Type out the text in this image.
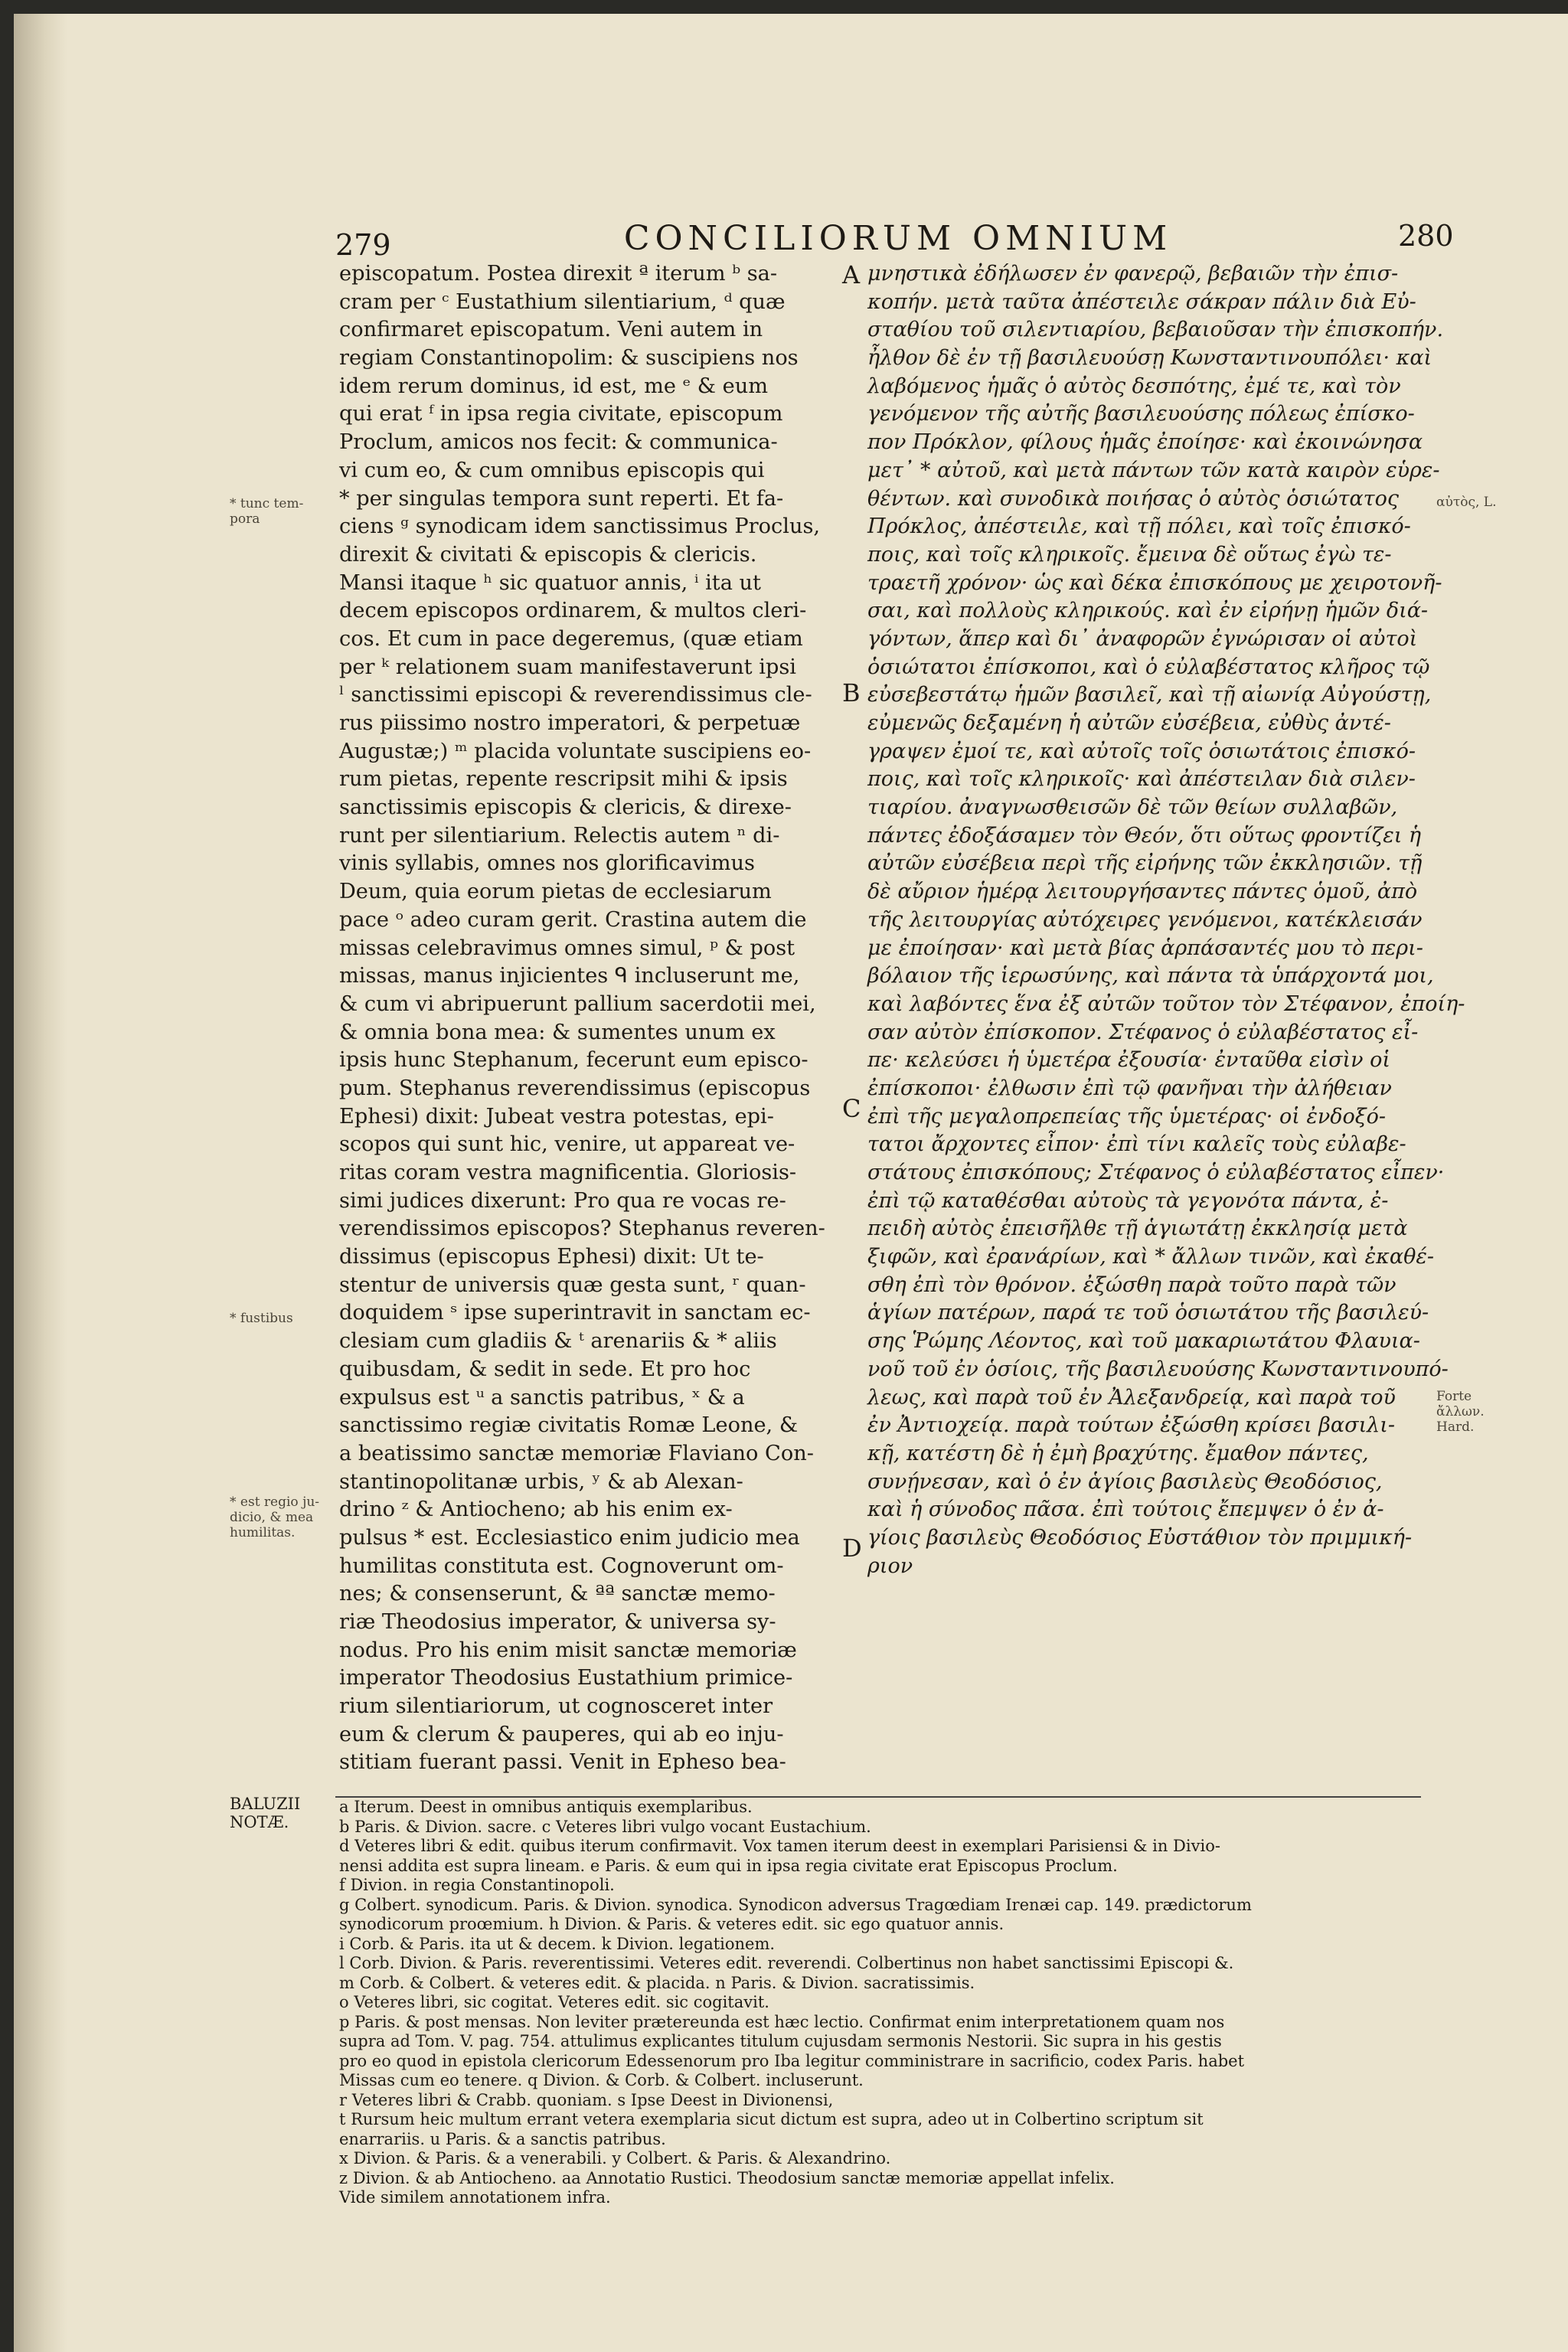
279	CONCILIORUM OMNIUM	280
episcopatum. Postea direxit ª iterum ᵇ sa-
cram per ᶜ Eustathium silentiarium, ᵈ quæ
confirmaret episcopatum. Veni autem in
regiam Constantinopolim: & suscipiens nos
idem rerum dominus, id est, me ᵉ & eum
qui erat ᶠ in ipsa regia civitate, episcopum
Proclum, amicos nos fecit: & communica-
vi cum eo, & cum omnibus episcopis qui
* per singulas tempora sunt reperti. Et fa-
ciens ᵍ synodicam idem sanctissimus Proclus,
direxit & civitati & episcopis & clericis.
Mansi itaque ʰ sic quatuor annis, ⁱ ita ut
decem episcopos ordinarem, & multos cleri-
cos. Et cum in pace degeremus, (quæ etiam
per ᵏ relationem suam manifestaverunt ipsi
ˡ sanctissimi episcopi & reverendissimus cle-
rus piissimo nostro imperatori, & perpetuæ
Augustæ;) ᵐ placida voluntate suscipiens eo-
rum pietas, repente rescripsit mihi & ipsis
sanctissimis episcopis & clericis, & direxe-
runt per silentiarium. Relectis autem ⁿ di-
vinis syllabis, omnes nos glorificavimus
Deum, quia eorum pietas de ecclesiarum
pace ᵒ adeo curam gerit. Crastina autem die
missas celebravimus omnes simul, ᵖ & post
missas, manus injicientes ᑫ incluserunt me,
& cum vi abripuerunt pallium sacerdotii mei,
& omnia bona mea: & sumentes unum ex
ipsis hunc Stephanum, fecerunt eum episco-
pum. Stephanus reverendissimus (episcopus
Ephesi) dixit: Jubeat vestra potestas, epi-
scopos qui sunt hic, venire, ut appareat ve-
ritas coram vestra magnificentia. Gloriosis-
simi judices dixerunt: Pro qua re vocas re-
verendissimos episcopos? Stephanus reveren-
dissimus (episcopus Ephesi) dixit: Ut te-
stentur de universis quæ gesta sunt, ʳ quan-
doquidem ˢ ipse superintravit in sanctam ec-
clesiam cum gladiis & ᵗ arenariis & * aliis
quibusdam, & sedit in sede. Et pro hoc
expulsus est ᵘ a sanctis patribus, ˣ & a
sanctissimo regiæ civitatis Romæ Leone, &
a beatissimo sanctæ memoriæ Flaviano Con-
stantinopolitanæ urbis, ʸ & ab Alexan-
drino ᶻ & Antiocheno; ab his enim ex-
pulsus * est. Ecclesiastico enim judicio mea
humilitas constituta est. Cognoverunt om-
nes; & consenserunt, & ªª sanctæ memo-
riæ Theodosius imperator, & universa sy-
nodus. Pro his enim misit sanctæ memoriæ
imperator Theodosius Eustathium primice-
rium silentiariorum, ut cognosceret inter
eum & clerum & pauperes, qui ab eo inju-
stitiam fuerant passi. Venit in Epheso bea-
μνηστικὰ ἐδήλωσεν ἐν φανερῷ, βεβαιῶν τὴν ἐπισ-
κοπήν. μετὰ ταῦτα ἀπέστειλε σάκραν πάλιν διὰ Εὐ-
σταθίου τοῦ σιλεντιαρίου, βεβαιοῦσαν τὴν ἐπισκοπήν.
ἦλθον δὲ ἐν τῇ βασιλευούσῃ Κωνσταντινουπόλει· καὶ
λαβόμενος ἡμᾶς ὁ αὐτὸς δεσπότης, ἐμέ τε, καὶ τὸν
γενόμενον τῆς αὐτῆς βασιλευούσης πόλεως ἐπίσκο-
πον Πρόκλον, φίλους ἡμᾶς ἐποίησε· καὶ ἐκοινώνησα
μετ᾽ * αὐτοῦ, καὶ μετὰ πάντων τῶν κατὰ καιρὸν εὑρε-
θέντων. καὶ συνοδικὰ ποιήσας ὁ αὐτὸς ὁσιώτατος
Πρόκλος, ἀπέστειλε, καὶ τῇ πόλει, καὶ τοῖς ἐπισκό-
ποις, καὶ τοῖς κληρικοῖς. ἔμεινα δὲ οὕτως ἐγὼ τε-
τραετῆ χρόνον· ὡς καὶ δέκα ἐπισκόπους με χειροτονῆ-
σαι, καὶ πολλοὺς κληρικούς. καὶ ἐν εἰρήνῃ ἡμῶν διά-
γόντων, ἅπερ καὶ δι᾽ ἀναφορῶν ἐγνώρισαν οἱ αὐτοὶ
ὁσιώτατοι ἐπίσκοποι, καὶ ὁ εὐλαβέστατος κλῆρος τῷ
εὐσεβεστάτῳ ἡμῶν βασιλεῖ, καὶ τῇ αἰωνίᾳ Αὐγούστῃ,
εὐμενῶς δεξαμένη ἡ αὐτῶν εὐσέβεια, εὐθὺς ἀντέ-
γραψεν ἐμοί τε, καὶ αὐτοῖς τοῖς ὁσιωτάτοις ἐπισκό-
ποις, καὶ τοῖς κληρικοῖς· καὶ ἀπέστειλαν διὰ σιλεν-
τιαρίου. ἀναγνωσθεισῶν δὲ τῶν θείων συλλαβῶν,
πάντες ἐδοξάσαμεν τὸν Θεόν, ὅτι οὕτως φροντίζει ἡ
αὐτῶν εὐσέβεια περὶ τῆς εἰρήνης τῶν ἐκκλησιῶν. τῇ
δὲ αὔριον ἡμέρᾳ λειτουργήσαντες πάντες ὁμοῦ, ἀπὸ
τῆς λειτουργίας αὐτόχειρες γενόμενοι, κατέκλεισάν
με ἐποίησαν· καὶ μετὰ βίας ἁρπάσαντές μου τὸ περι-
βόλαιον τῆς ἱερωσύνης, καὶ πάντα τὰ ὑπάρχοντά μοι,
καὶ λαβόντες ἕνα ἐξ αὐτῶν τοῦτον τὸν Στέφανον, ἐποίη-
σαν αὐτὸν ἐπίσκοπον. Στέφανος ὁ εὐλαβέστατος εἶ-
πε· κελεύσει ἡ ὑμετέρα ἐξουσία· ἐνταῦθα εἰσὶν οἱ
ἐπίσκοποι· ἐλθωσιν ἐπὶ τῷ φανῆναι τὴν ἀλήθειαν
ἐπὶ τῆς μεγαλοπρεπείας τῆς ὑμετέρας· οἱ ἐνδοξό-
τατοι ἄρχοντες εἶπον· ἐπὶ τίνι καλεῖς τοὺς εὐλαβε-
στάτους ἐπισκόπους; Στέφανος ὁ εὐλαβέστατος εἶπεν·
ἐπὶ τῷ καταθέσθαι αὐτοὺς τὰ γεγονότα πάντα, ἐ-
πειδὴ αὐτὸς ἐπεισῆλθε τῇ ἁγιωτάτῃ ἐκκλησίᾳ μετὰ
ξιφῶν, καὶ ἐρανάρίων, καὶ * ἄλλων τινῶν, καὶ ἐκαθέ-
σθη ἐπὶ τὸν θρόνον. ἐξώσθη παρὰ τοῦτο παρὰ τῶν
ἁγίων πατέρων, παρά τε τοῦ ὁσιωτάτου τῆς βασιλεύ-
σης Ῥώμης Λέοντος, καὶ τοῦ μακαριωτάτου Φλαυια-
νοῦ τοῦ ἐν ὁσίοις, τῆς βασιλευούσης Κωνσταντινουπό-
λεως, καὶ παρὰ τοῦ ἐν Ἀλεξανδρείᾳ, καὶ παρὰ τοῦ
ἐν Ἀντιοχείᾳ. παρὰ τούτων ἐξώσθη κρίσει βασιλι-
κῇ, κατέστη δὲ ἡ ἐμὴ βραχύτης. ἔμαθον πάντες,
συνῄνεσαν, καὶ ὁ ἐν ἁγίοις βασιλεὺς Θεοδόσιος,
καὶ ἡ σύνοδος πᾶσα. ἐπὶ τούτοις ἔπεμψεν ὁ ἐν ἀ-
γίοις βασιλεὺς Θεοδόσιος Εὐστάθιον τὸν πριμμική-
ριον
A
B
C
D
* tunc tem-
pora
* fustibus
* est regio ju-
dicio, & mea
humilitas.
αὐτὸς, L.
Forte
ἄλλων.
Hard.
BALUZII
NOTÆ.
a Iterum. Deest in omnibus antiquis exemplaribus.
b Paris. & Divion. sacre. c Veteres libri vulgo vocant Eustachium.
d Veteres libri & edit. quibus iterum confirmavit. Vox tamen iterum deest in exemplari Parisiensi & in Divio-
nensi addita est supra lineam. e Paris. & eum qui in ipsa regia civitate erat Episcopus Proclum.
f Divion. in regia Constantinopoli.
g Colbert. synodicum. Paris. & Divion. synodica. Synodicon adversus Tragœdiam Irenæi cap. 149. prædictorum
synodicorum proœmium. h Divion. & Paris. & veteres edit. sic ego quatuor annis.
i Corb. & Paris. ita ut & decem. k Divion. legationem.
l Corb. Divion. & Paris. reverentissimi. Veteres edit. reverendi. Colbertinus non habet sanctissimi Episcopi &.
m Corb. & Colbert. & veteres edit. & placida. n Paris. & Divion. sacratissimis.
o Veteres libri, sic cogitat. Veteres edit. sic cogitavit.
p Paris. & post mensas. Non leviter prætereunda est hæc lectio. Confirmat enim interpretationem quam nos
supra ad Tom. V. pag. 754. attulimus explicantes titulum cujusdam sermonis Nestorii. Sic supra in his gestis
pro eo quod in epistola clericorum Edessenorum pro Iba legitur comministrare in sacrificio, codex Paris. habet
Missas cum eo tenere. q Divion. & Corb. & Colbert. incluserunt.
r Veteres libri & Crabb. quoniam. s Ipse Deest in Divionensi,
t Rursum heic multum errant vetera exemplaria sicut dictum est supra, adeo ut in Colbertino scriptum sit
enarrariis. u Paris. & a sanctis patribus.
x Divion. & Paris. & a venerabili. y Colbert. & Paris. & Alexandrino.
z Divion. & ab Antiocheno. aa Annotatio Rustici. Theodosium sanctæ memoriæ appellat infelix.
Vide similem annotationem infra.
